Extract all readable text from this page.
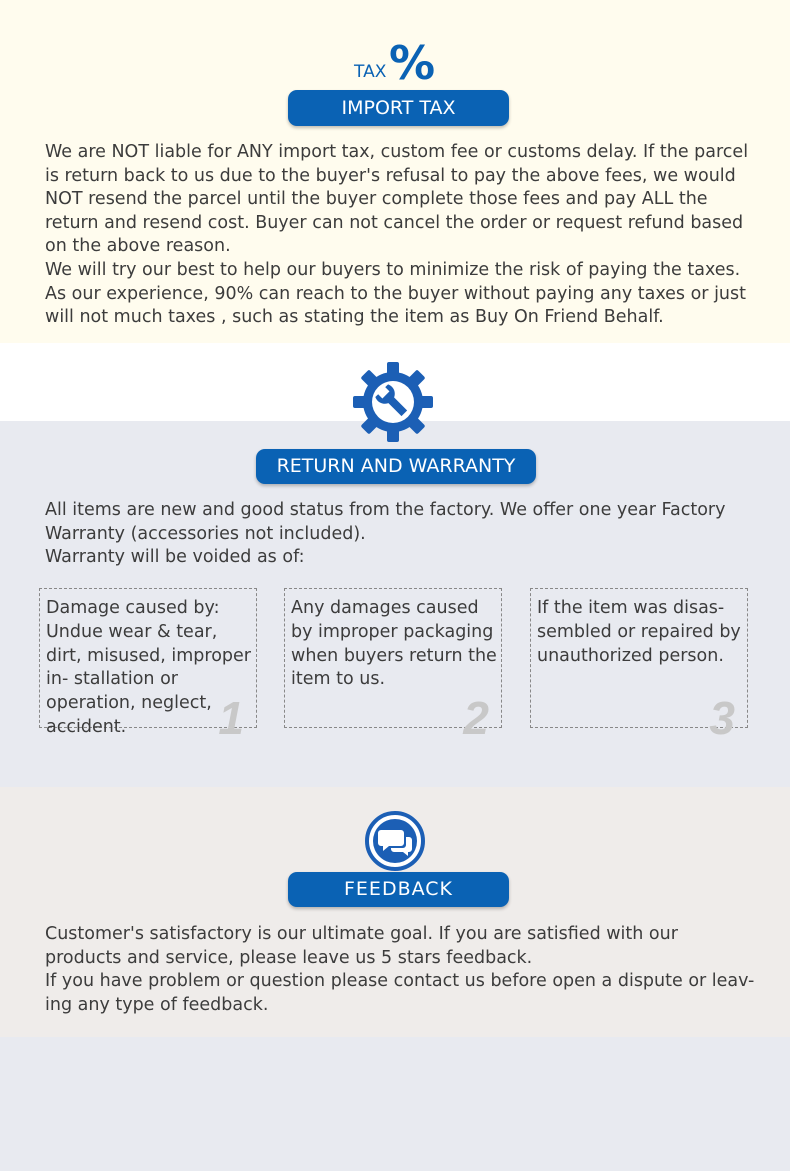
TAX %
IMPORT TAX

We are NOT liable for ANY import tax, custom fee or customs delay. If the parcel is return back to us due to the buyer's refusal to pay the above fees, we would NOT resend the parcel until the buyer complete those fees and pay ALL the return and resend cost. Buyer can not cancel the order or request refund based on the above reason.

We will try our best to help our buyers to minimize the risk of paying the taxes. As our experience, 90% can reach to the buyer without paying any taxes or just will not much taxes , such as stating the item as Buy On Friend Behalf.

RETURN AND WARRANTY

All items are new and good status from the factory. We offer one year Factory Warranty (accessories not included).

Warranty will be voided as of:

Damage caused by: Undue wear & tear, dirt, misused, improper in- stallation or operation, neglect, accident. 1
Any damages caused by improper packaging when buyers return the item to us.
2
If the item was disas- sembled or repaired by unauthorized person.
3
FEEDBACK

Customer's satisfactory is our ultimate goal. If you are satisfied with our products and service, please leave us 5 stars feedback.

If you have problem or question please contact us before open a dispute or leav- ing any type of feedback.
